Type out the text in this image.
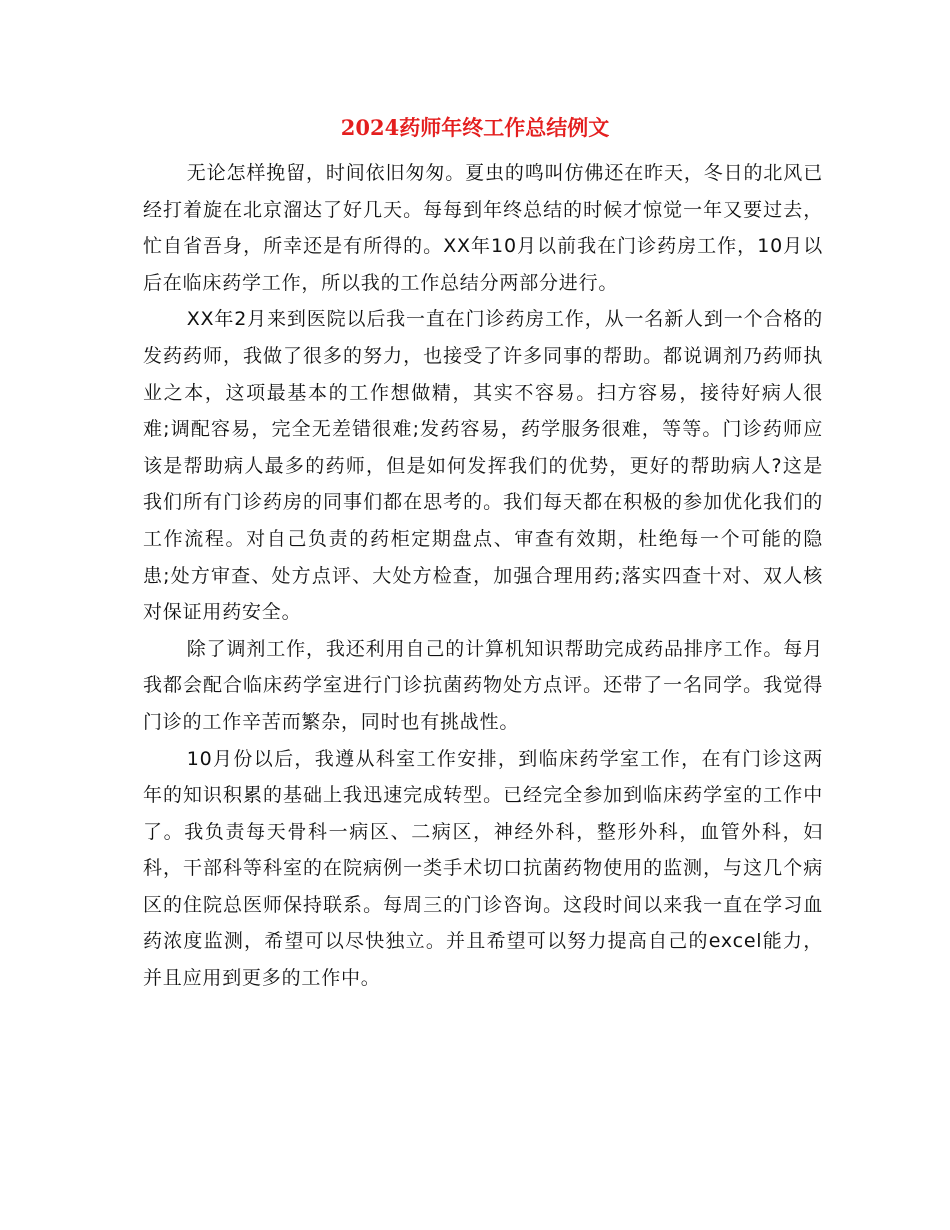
2024药师年终工作总结例文

无论怎样挽留，时间依旧匆匆。夏虫的鸣叫仿佛还在昨天，冬日的北风已经打着旋在北京溜达了好几天。每每到年终总结的时候才惊觉一年又要过去，忙自省吾身，所幸还是有所得的。XX年10月以前我在门诊药房工作，10月以后在临床药学工作，所以我的工作总结分两部分进行。

XX年2月来到医院以后我一直在门诊药房工作，从一名新人到一个合格的发药药师，我做了很多的努力，也接受了许多同事的帮助。都说调剂乃药师执业之本，这项最基本的工作想做精，其实不容易。扫方容易，接待好病人很难;调配容易，完全无差错很难;发药容易，药学服务很难，等等。门诊药师应该是帮助病人最多的药师，但是如何发挥我们的优势，更好的帮助病人?这是我们所有门诊药房的同事们都在思考的。我们每天都在积极的参加优化我们的工作流程。对自己负责的药柜定期盘点、审查有效期，杜绝每一个可能的隐患;处方审查、处方点评、大处方检查，加强合理用药;落实四查十对、双人核对保证用药安全。

除了调剂工作，我还利用自己的计算机知识帮助完成药品排序工作。每月我都会配合临床药学室进行门诊抗菌药物处方点评。还带了一名同学。我觉得门诊的工作辛苦而繁杂，同时也有挑战性。

10月份以后，我遵从科室工作安排，到临床药学室工作，在有门诊这两年的知识积累的基础上我迅速完成转型。已经完全参加到临床药学室的工作中了。我负责每天骨科一病区、二病区，神经外科，整形外科，血管外科，妇科，干部科等科室的在院病例一类手术切口抗菌药物使用的监测，与这几个病区的住院总医师保持联系。每周三的门诊咨询。这段时间以来我一直在学习血药浓度监测，希望可以尽快独立。并且希望可以努力提高自己的excel能力，并且应用到更多的工作中。
